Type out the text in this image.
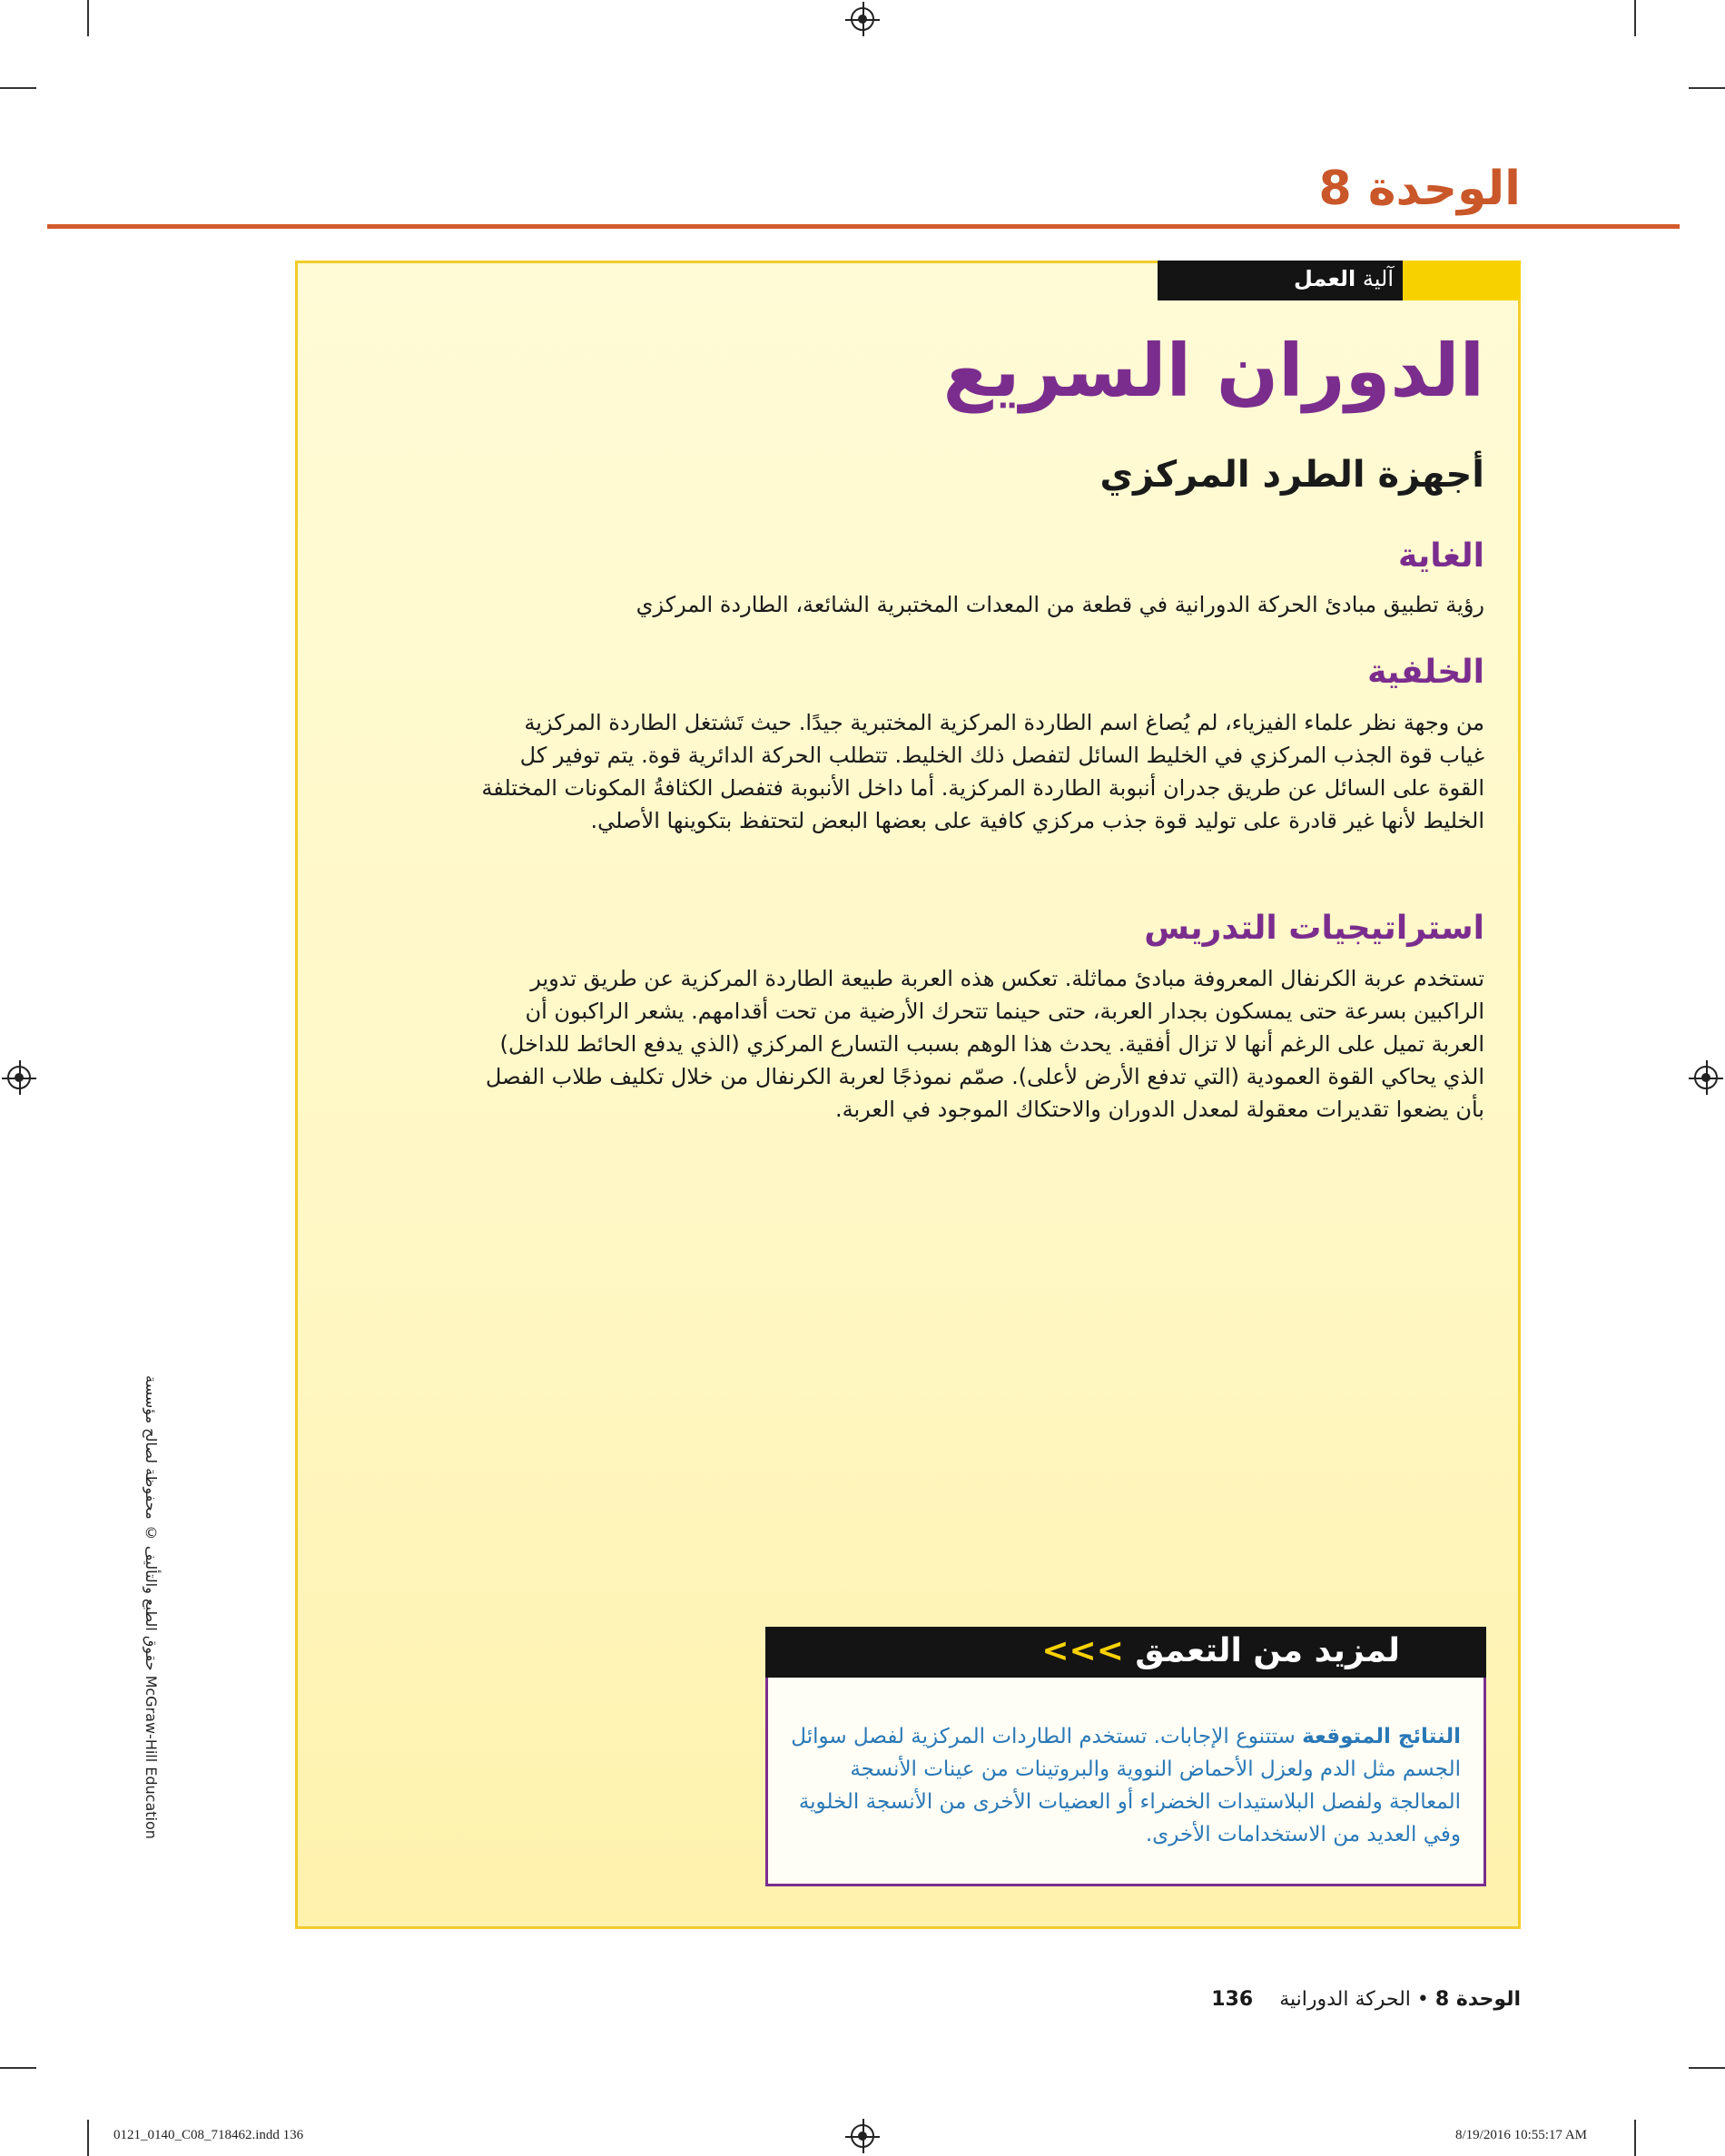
الوحدة 8
آلية العمل
الدوران السريع
أجهزة الطرد المركزي
الغاية
رؤية تطبيق مبادئ الحركة الدورانية في قطعة من المعدات المختبرية الشائعة، الطاردة المركزي
الخلفية
من وجهة نظر علماء الفيزياء، لم يُصاغ اسم الطاردة المركزية المختبرية جيدًا. حيث تَشتغل الطاردة المركزية غياب قوة الجذب المركزي في الخليط السائل لتفصل ذلك الخليط. تتطلب الحركة الدائرية قوة. يتم توفير كل القوة على السائل عن طريق جدران أنبوبة الطاردة المركزية. أما داخل الأنبوبة فتفصل الكثافةُ المكونات المختلفة الخليط لأنها غير قادرة على توليد قوة جذب مركزي كافية على بعضها البعض لتحتفظ بتكوينها الأصلي.
استراتيجيات التدريس
تستخدم عربة الكرنفال المعروفة مبادئ مماثلة. تعكس هذه العربة طبيعة الطاردة المركزية عن طريق تدوير الراكبين بسرعة حتى يمسكون بجدار العربة، حتى حينما تتحرك الأرضية من تحت أقدامهم. يشعر الراكبون أن العربة تميل على الرغم أنها لا تزال أفقية. يحدث هذا الوهم بسبب التسارع المركزي (الذي يدفع الحائط للداخل) الذي يحاكي القوة العمودية (التي تدفع الأرض لأعلى). صمّم نموذجًا لعربة الكرنفال من خلال تكليف طلاب الفصل بأن يضعوا تقديرات معقولة لمعدل الدوران والاحتكاك الموجود في العربة.
النتائج المتوقعة ستتنوع الإجابات. تستخدم الطاردات المركزية لفصل سوائل الجسم مثل الدم ولعزل الأحماض النووية والبروتينات من عينات الأنسجة المعالجة ولفصل البلاستيدات الخضراء أو العضيات الأخرى من الأنسجة الخلوية وفي العديد من الاستخدامات الأخرى.
لمزيد من التعمق <<<
حقوق الطبع والتأليف © محفوظة لصالح مؤسسة McGraw-Hill Education
الوحدة 8 • الحركة الدورانية 136
0121_0140_C08_718462.indd 136	8/19/2016 10:55:17 AM
